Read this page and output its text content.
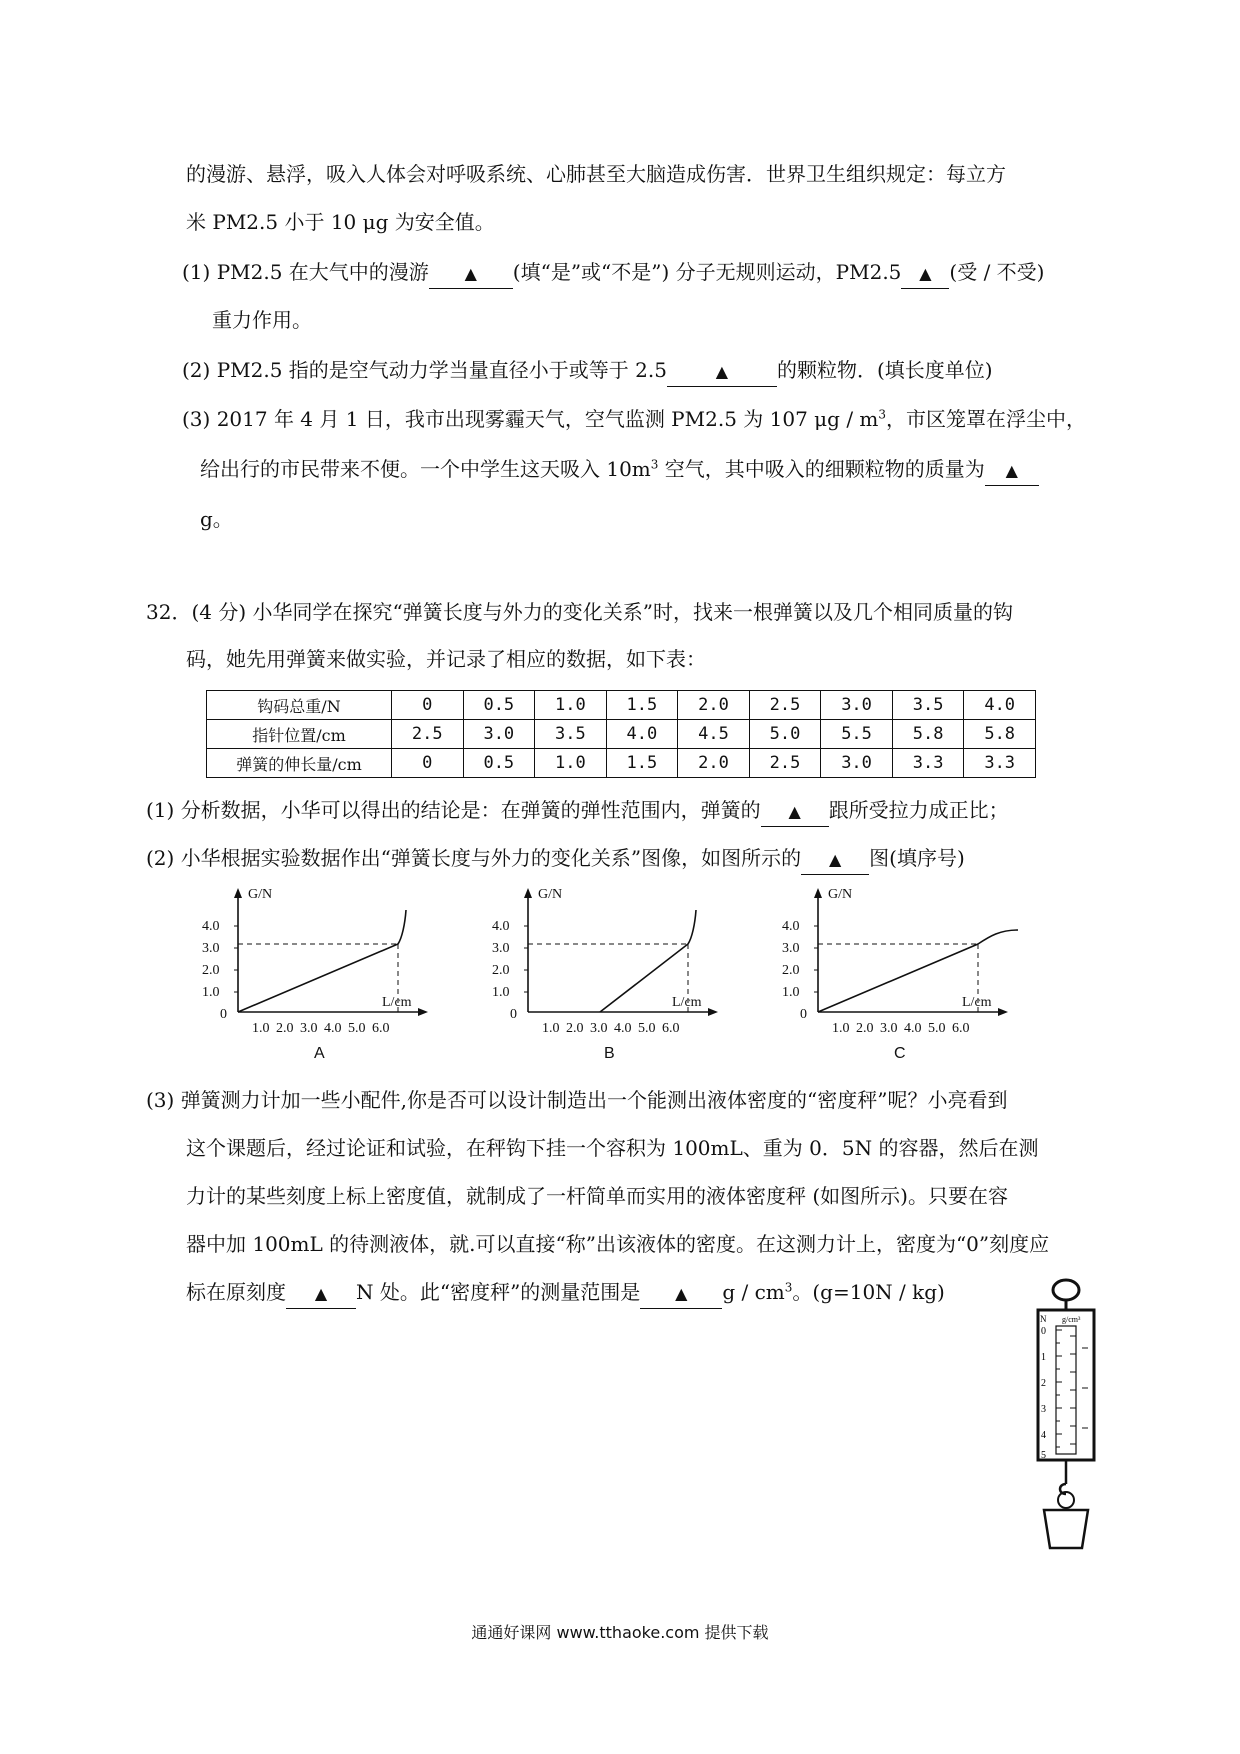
的漫游、悬浮，吸入人体会对呼吸系统、心肺甚至大脑造成伤害．世界卫生组织规定：每立方
米 PM2.5 小于 10 μg 为安全值。
(1) PM2.5 在大气中的漫游 ▲ (填“是”或“不是”) 分子无规则运动，PM2.5 ▲ (受 / 不受)
重力作用。
(2) PM2.5 指的是空气动力学当量直径小于或等于 2.5	▲ 的颗粒物．(填长度单位)
(3) 2017 年 4 月 1 日，我市出现雾霾天气，空气监测 PM2.5 为 107 μg / $m^3$，市区笼罩在浮尘中，
给出行的市民带来不便。一个中学生这天吸入 $10m^3$ 空气，其中吸入的细颗粒物的质量为 ▲
g。
32．(4 分) 小华同学在探究“弹簧长度与外力的变化关系”时，找来一根弹簧以及几个相同质量的钩
码，她先用弹簧来做实验，并记录了相应的数据，如下表：
钩码总重/N	0	0.5	1.0	1.5	2.0	2.5	3.0	3.5	4.0
指针位置/cm	2.5	3.0	3.5	4.0	4.5	5.0	5.5	5.8	5.8
弹簧的伸长量/cm	0	0.5	1.0	1.5	2.0	2.5	3.0	3.3	3.3
(1) 分析数据，小华可以得出的结论是：在弹簧的弹性范围内，弹簧的 ▲ 跟所受拉力成正比；
(2) 小华根据实验数据作出“弹簧长度与外力的变化关系”图像，如图所示的 ▲ 图(填序号)
G/N
L/cm
0
4.0
3.0
2.0
1.0
1.0 2.0 3.0 4.0 5.0 6.0
A
G/N
L/cm
0
4.0
3.0
2.0
1.0
1.0 2.0 3.0 4.0 5.0 6.0
B
G/N
L/cm
0
4.0
3.0
2.0
1.0
1.0 2.0 3.0 4.0 5.0 6.0
C
(3) 弹簧测力计加一些小配件,你是否可以设计制造出一个能测出液体密度的“密度秤”呢？小亮看到
这个课题后，经过论证和试验，在秤钩下挂一个容积为 100mL、重为 0．5N 的容器，然后在测
力计的某些刻度上标上密度值，就制成了一杆简单而实用的液体密度秤 (如图所示)。只要在容
器中加 100mL 的待测液体，就.可以直接“称”出该液体的密度。在这测力计上，密度为“0”刻度应
标在原刻度 ▲ N 处。此“密度秤”的测量范围是 ▲ g / $cm^3$。(g=10N / kg)
N g/cm³
0
1
2
3
4
5
通通好课网 www.tthaoke.com 提供下载
